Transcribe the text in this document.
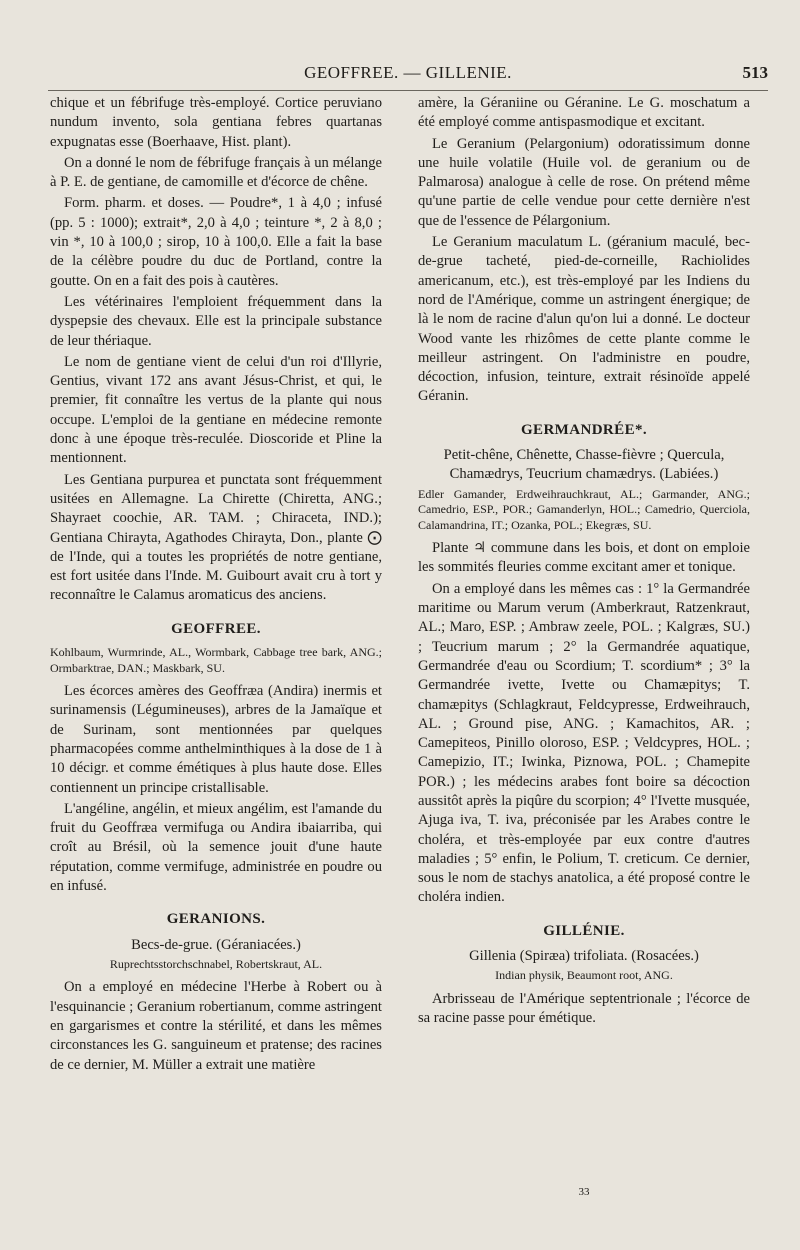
GEOFFREE. — GILLENIE.	513

chique et un fébrifuge très-employé. Cortice peruviano nundum invento, sola gentiana febres quartanas expugnatas esse (Boerhaave, Hist. plant).

On a donné le nom de fébrifuge français à un mélange à P. E. de gentiane, de camomille et d'écorce de chêne.

Form. pharm. et doses. — Poudre*, 1 à 4,0 ; infusé (pp. 5 : 1000); extrait*, 2,0 à 4,0 ; teinture *, 2 à 8,0 ; vin *, 10 à 100,0 ; sirop, 10 à 100,0. Elle a fait la base de la célèbre poudre du duc de Portland, contre la goutte. On en a fait des pois à cautères.

Les vétérinaires l'emploient fréquemment dans la dyspepsie des chevaux. Elle est la principale substance de leur thériaque.

Le nom de gentiane vient de celui d'un roi d'Illyrie, Gentius, vivant 172 ans avant Jésus-Christ, et qui, le premier, fit connaître les vertus de la plante qui nous occupe. L'emploi de la gentiane en médecine remonte donc à une époque très-reculée. Dioscoride et Pline la mentionnent.

Les Gentiana purpurea et punctata sont fréquemment usitées en Allemagne. La Chirette (Chiretta, ANG.; Shayraet coochie, AR. TAM. ; Chiraceta, IND.); Gentiana Chirayta, Agathodes Chirayta, Don., plante ⨀ de l'Inde, qui a toutes les propriétés de notre gentiane, est fort usitée dans l'Inde. M. Guibourt avait cru à tort y reconnaître le Calamus aromaticus des anciens.

GEOFFREE.

Kohlbaum, Wurmrinde, AL., Wormbark, Cabbage tree bark, ANG.; Ormbarktrae, DAN.; Maskbark, SU.

Les écorces amères des Geoffræa (Andira) inermis et surinamensis (Légumineuses), arbres de la Jamaïque et de Surinam, sont mentionnées par quelques pharmacopées comme anthelminthiques à la dose de 1 à 10 décigr. et comme émétiques à plus haute dose. Elles contiennent un principe cristallisable.

L'angéline, angélin, et mieux angélim, est l'amande du fruit du Geoffræa vermifuga ou Andira ibaiarriba, qui croît au Brésil, où la semence jouit d'une haute réputation, comme vermifuge, administrée en poudre ou en infusé.

GERANIONS.

Becs-de-grue. (Géraniacées.)

Ruprechtsstorchschnabel, Robertskraut, AL.

On a employé en médecine l'Herbe à Robert ou à l'esquinancie ; Geranium robertianum, comme astringent en gargarismes et contre la stérilité, et dans les mêmes circonstances les G. sanguineum et pratense; des racines de ce dernier, M. Müller a extrait une matière

amère, la Géraniine ou Géranine. Le G. moschatum a été employé comme antispasmodique et excitant.

Le Geranium (Pelargonium) odoratissimum donne une huile volatile (Huile vol. de geranium ou de Palmarosa) analogue à celle de rose. On prétend même qu'une partie de celle vendue pour cette dernière n'est que de l'essence de Pélargonium.

Le Geranium maculatum L. (géranium maculé, bec-de-grue tacheté, pied-de-corneille, Rachiolides americanum, etc.), est très-employé par les Indiens du nord de l'Amérique, comme un astringent énergique; de là le nom de racine d'alun qu'on lui a donné. Le docteur Wood vante les rhizômes de cette plante comme le meilleur astringent. On l'administre en poudre, décoction, infusion, teinture, extrait résinoïde appelé Géranin.

GERMANDRÉE*.

Petit-chêne, Chênette, Chasse-fièvre ; Quercula, Chamædrys, Teucrium chamædrys. (Labiées.)

Edler Gamander, Erdweihrauchkraut, AL.; Garmander, ANG.; Camedrio, ESP., POR.; Gamanderlyn, HOL.; Camedrio, Querciola, Calamandrina, IT.; Ozanka, POL.; Ekegræs, SU.

Plante ♃ commune dans les bois, et dont on emploie les sommités fleuries comme excitant amer et tonique.

On a employé dans les mêmes cas : 1° la Germandrée maritime ou Marum verum (Amberkraut, Ratzenkraut, AL.; Maro, ESP. ; Ambraw zeele, POL. ; Kalgræs, SU.) ; Teucrium marum ; 2° la Germandrée aquatique, Germandrée d'eau ou Scordium; T. scordium* ; 3° la Germandrée ivette, Ivette ou Chamæpitys; T. chamæpitys (Schlagkraut, Feldcypresse, Erdweihrauch, AL. ; Ground pise, ANG. ; Kamachitos, AR. ; Camepiteos, Pinillo oloroso, ESP. ; Veldcypres, HOL. ; Camepizio, IT.; Iwinka, Piznowa, POL. ; Chamepite POR.) ; les médecins arabes font boire sa décoction aussitôt après la piqûre du scorpion; 4° l'Ivette musquée, Ajuga iva, T. iva, préconisée par les Arabes contre le choléra, et très-employée par eux contre d'autres maladies ; 5° enfin, le Polium, T. creticum. Ce dernier, sous le nom de stachys anatolica, a été proposé contre le choléra indien.

GILLÉNIE.

Gillenia (Spiræa) trifoliata. (Rosacées.)

Indian physik, Beaumont root, ANG.

Arbrisseau de l'Amérique septentrionale ; l'écorce de sa racine passe pour émétique.

33
